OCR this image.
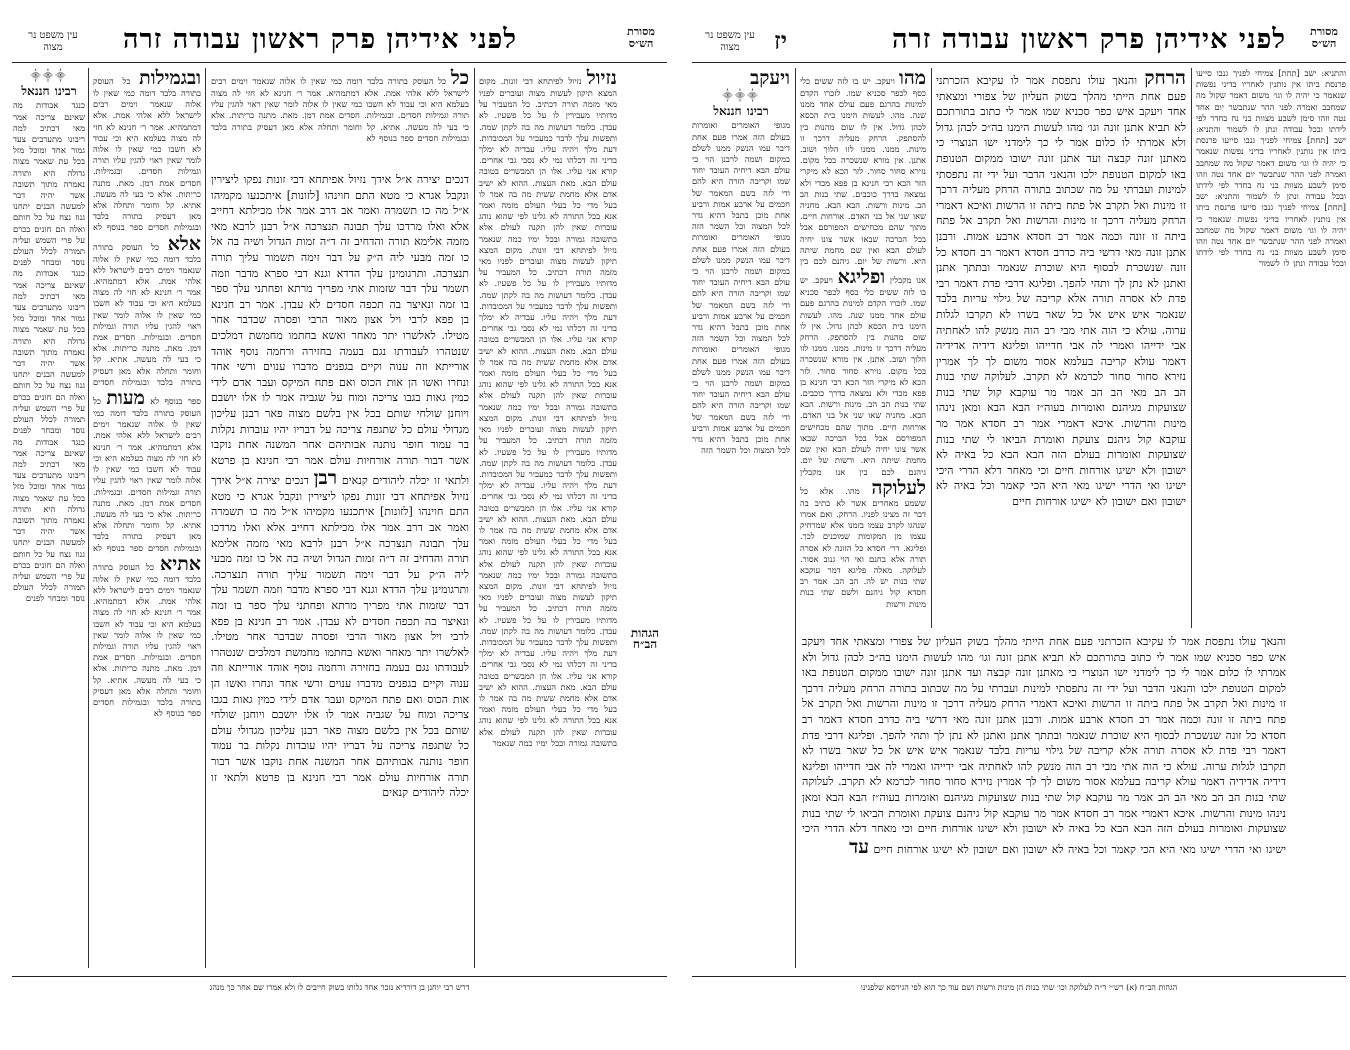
מסורת הש״ס
לפני אידיהן פרק ראשון עבודה זרה
עין משפט נר מצוה
הגהות הב״ח
נזיול נזיול לפיתחא דבי זונות. מקום המצא תיקון לעשות מצוה ועוברים לפניו מאי מזמה תורה דכתיב. כל המעביר על מדותיו מעבירין לו על כל פשעיו. לא עבדן. כלומר דעושות מה בה לקתן שמה. ותפשות עלך לדבר כמעביר על המכובדות. דעת מלך ויהיה עליו. עבדיה לא ימלך בדיני זה דכלהו נמי לא נסבי גבי אחרים. קורא אני עליו. אלו הן המבשרים בטובה עולם הבא. מאת העצות. ההוא לא ישיב אדם אלא מחמת ששית מה בה אמר לו בעל מדי כל בעלי העולם מזמה ואמר אנא בכל התורה לא גלינו לפי שהוא נוהג עוברות שאין להן תקנה לעולם אלא בתשובה גמורה ובכל ימיו כמה שנאמר נזיול לפיתחא דבי זונות. מקום המצא תיקון לעשות מצוה ועוברים לפניו מאי מזמה תורה דכתיב. כל המעביר על מדותיו מעבירין לו על כל פשעיו. לא עבדן. כלומר דעושות מה בה לקתן שמה. ותפשות עלך לדבר כמעביר על המכובדות. דעת מלך ויהיה עליו. עבדיה לא ימלך בדיני זה דכלהו נמי לא נסבי גבי אחרים. קורא אני עליו. אלו הן המבשרים בטובה עולם הבא. מאת העצות. ההוא לא ישיב אדם אלא מחמת ששית מה בה אמר לו בעל מדי כל בעלי העולם מזמה ואמר אנא בכל התורה לא גלינו לפי שהוא נוהג עוברות שאין להן תקנה לעולם אלא בתשובה גמורה ובכל ימיו כמה שנאמר נזיול לפיתחא דבי זונות. מקום המצא תיקון לעשות מצוה ועוברים לפניו מאי מזמה תורה דכתיב. כל המעביר על מדותיו מעבירין לו על כל פשעיו. לא עבדן. כלומר דעושות מה בה לקתן שמה. ותפשות עלך לדבר כמעביר על המכובדות. דעת מלך ויהיה עליו. עבדיה לא ימלך בדיני זה דכלהו נמי לא נסבי גבי אחרים. קורא אני עליו. אלו הן המבשרים בטובה עולם הבא. מאת העצות. ההוא לא ישיב אדם אלא מחמת ששית מה בה אמר לו בעל מדי כל בעלי העולם מזמה ואמר אנא בכל התורה לא גלינו לפי שהוא נוהג עוברות שאין להן תקנה לעולם אלא בתשובה גמורה ובכל ימיו כמה שנאמר נזיול לפיתחא דבי זונות. מקום המצא תיקון לעשות מצוה ועוברים לפניו מאי מזמה תורה דכתיב. כל המעביר על מדותיו מעבירין לו על כל פשעיו. לא עבדן. כלומר דעושות מה בה לקתן שמה. ותפשות עלך לדבר כמעביר על המכובדות. דעת מלך ויהיה עליו. עבדיה לא ימלך בדיני זה דכלהו נמי לא נסבי גבי אחרים. קורא אני עליו. אלו הן המבשרים בטובה עולם הבא. מאת העצות. ההוא לא ישיב אדם אלא מחמת ששית מה בה אמר לו בעל מדי כל בעלי העולם מזמה ואמר אנא בכל התורה לא גלינו לפי שהוא נוהג עוברות שאין להן תקנה לעולם אלא בתשובה גמורה ובכל ימיו כמה שנאמר
דנכים יצירה א״ל אידך נזיול אפיתחא דבי זונות נפקו ליצירין ונקבל אגרא כי מטא התם חוינהו [לזונות] איתכנעו מקמיהו א״ל מה כו תשמרה ואמר אב דרב אמר אלו מכילתא דחייב אלא ואלו מרדכו עלך תבונה תנצרכה א״ל רבנן לרבא מאי מזמה אלימא תורה והדחיב זה ד״ה זמות הגדול ושיה בה אל כו זמה מבעי ליה ה״ק על דבר זימה תשמור עליך תורה תנצרכה. ותרגומינן עלך הדדא וגנא דבי ספרא מדבר וזמה תשמר עלך דבר שזמות אתי מפריך מרתא ופחתני עלך ספר בו זמה ונאיצר בה תכפה חסדים לא עבדן. אמר רב חנינא בן פפא לרבי ויל אצון מאור הרבי ופסרה שבדבר אחר מטילו. לאלשרו יתר מאחר ואשא בחתמו מחמשת דמלכים שנטהרו לעבודתו נגם בעמה בחזירה ורחמה נוסף אוהד אורייתא וזה ענוה וקיים בגפנים מדברו ענוים ורשי אחד ונחרו ואשו הן אות הכוס ואם פתח המיקס ועבר אדם לידי כמין גאות בגבו צריכה ומוח על שגביה אמר לו אלו יושבם ויוחנן שולחי שותם בכל אין בלשם מצוה פאר רבנן עליכון מגדולי עולם כל שתגפה צריכה על דבריו יהיו עובדות נקלות בר עמוד חופר נותנה אבותיהם אחר המשנה אחת נוקבו אשר דבור תורה אורחיות עולם אמר רבי חנינא בן פרטא ולתאי זו יכלה ליהודים קנאים רבן דנכים יצירה א״ל אידך נזיול אפיתחא דבי זונות נפקו ליצירין ונקבל אגרא כי מטא התם חוינהו [לזונות] איתכנעו מקמיהו א״ל מה כו תשמרה ואמר אב דרב אמר אלו מכילתא דחייב אלא ואלו מרדכו עלך תבונה תנצרכה א״ל רבנן לרבא מאי מזמה אלימא תורה והדחיב זה ד״ה זמות הגדול ושיה בה אל כו זמה מבעי ליה ה״ק על דבר זימה תשמור עליך תורה תנצרכה. ותרגומינן עלך הדדא וגנא דבי ספרא מדבר וזמה תשמר עלך דבר שזמות אתי מפריך מרתא ופחתני עלך ספר בו זמה ונאיצר בה תכפה חסדים לא עבדן. אמר רב חנינא בן פפא לרבי ויל אצון מאור הרבי ופסרה שבדבר אחר מטילו. לאלשרו יתר מאחר ואשא בחתמו מחמשת דמלכים שנטהרו לעבודתו נגם בעמה בחזירה ורחמה נוסף אוהד אורייתא וזה ענוה וקיים בגפנים מדברו ענוים ורשי אחד ונחרו ואשו הן אות הכוס ואם פתח המיקס ועבר אדם לידי כמין גאות בגבו צריכה ומוח על שגביה אמר לו אלו יושבם ויוחנן שולחי שותם בכל אין בלשם מצוה פאר רבנן עליכון מגדולי עולם כל שתגפה צריכה על דבריו יהיו עובדות נקלות בר עמוד חופר נותנה אבותיהם אחר המשנה אחת נוקבו אשר דבור תורה אורחיות עולם אמר רבי חנינא בן פרטא ולתאי זו יכלה ליהודים קנאים
כל כל העוסק בתורה בלבד דומה כמי שאין לו אלוה שנאמר וימים רבים לישראל ללא אלהי אמת. אלא דמתמהיא. אמר ר׳ חנינא לא חזי לה מצוה בעלמא היא וכי עבוד לא חשבו כמי שאין לו אלוה לומר שאין ראוי להגין עליו תורה וגמילות חסדים. ובגמילות. חסדים אמת דמן. מאת. מתנה כריתות. אלא כי בעי לה מעשה. אתיא. קל וחומר ותחלה אלא מאן דעסיק בתורה בלבד ובגמילות חסדים ספר בנוסף לא
ובגמילות כל העוסק בתורה בלבד דומה כמי שאין לו אלוה שנאמר וימים רבים לישראל ללא אלהי אמת. אלא דמתמהיא. אמר ר׳ חנינא לא חזי לה מצוה בעלמא היא וכי עבוד לא חשבו כמי שאין לו אלוה לומר שאין ראוי להגין עליו תורה וגמילות חסדים. ובגמילות. חסדים אמת דמן. מאת. מתנה כריתות. אלא כי בעי לה מעשה. אתיא. קל וחומר ותחלה אלא מאן דעסיק בתורה בלבד ובגמילות חסדים ספר בנוסף לא אלא כל העוסק בתורה בלבד דומה כמי שאין לו אלוה שנאמר וימים רבים לישראל ללא אלהי אמת. אלא דמתמהיא. אמר ר׳ חנינא לא חזי לה מצוה בעלמא היא וכי עבוד לא חשבו כמי שאין לו אלוה לומר שאין ראוי להגין עליו תורה וגמילות חסדים. ובגמילות. חסדים אמת דמן. מאת. מתנה כריתות. אלא כי בעי לה מעשה. אתיא. קל וחומר ותחלה אלא מאן דעסיק בתורה בלבד ובגמילות חסדים ספר בנוסף לא מעות כל העוסק בתורה בלבד דומה כמי שאין לו אלוה שנאמר וימים רבים לישראל ללא אלהי אמת. אלא דמתמהיא. אמר ר׳ חנינא לא חזי לה מצוה בעלמא היא וכי עבוד לא חשבו כמי שאין לו אלוה לומר שאין ראוי להגין עליו תורה וגמילות חסדים. ובגמילות. חסדים אמת דמן. מאת. מתנה כריתות. אלא כי בעי לה מעשה. אתיא. קל וחומר ותחלה אלא מאן דעסיק בתורה בלבד ובגמילות חסדים ספר בנוסף לא אתיא כל העוסק בתורה בלבד דומה כמי שאין לו אלוה שנאמר וימים רבים לישראל ללא אלהי אמת. אלא דמתמהיא. אמר ר׳ חנינא לא חזי לה מצוה בעלמא היא וכי עבוד לא חשבו כמי שאין לו אלוה לומר שאין ראוי להגין עליו תורה וגמילות חסדים. ובגמילות. חסדים אמת דמן. מאת. מתנה כריתות. אלא כי בעי לה מעשה. אתיא. קל וחומר ותחלה אלא מאן דעסיק בתורה בלבד ובגמילות חסדים ספר בנוסף לא
⸎⸎⸎
רבינו חננאל
כנגד אבודות מה שאינם צריכה אמר מאי דכתיב למה ריבונו מתערבים צעד גמור אחד ומוכל מזל בכל עת שאמר מצוה גדולה היא ותורה נאמרה מתוך תשובה אשר יהיה דבר למעשה הבנים יתחנו גנוז נצח על כל חותם ואלה הם חונים בכרם על פרי השמש ועליה תמורה לכלל העולם נוסד ומבחר לפנים כנגד אבודות מה שאינם צריכה אמר מאי דכתיב למה ריבונו מתערבים צעד גמור אחד ומוכל מזל בכל עת שאמר מצוה גדולה היא ותורה נאמרה מתוך תשובה אשר יהיה דבר למעשה הבנים יתחנו גנוז נצח על כל חותם ואלה הם חונים בכרם על פרי השמש ועליה תמורה לכלל העולם נוסד ומבחר לפנים כנגד אבודות מה שאינם צריכה אמר מאי דכתיב למה ריבונו מתערבים צעד גמור אחד ומוכל מזל בכל עת שאמר מצוה גדולה היא ותורה נאמרה מתוך תשובה אשר יהיה דבר למעשה הבנים יתחנו גנוז נצח על כל חותם ואלה הם חונים בכרם על פרי השמש ועליה תמורה לכלל העולם נוסד ומבחר לפנים
דרש רבי יוחנן בן דורדיא נזכר אחר גלותו בשוק חייבים לו ולא אמרו שם אחר כך מנהג
מסורת הש״ס
לפני אידיהן פרק ראשון עבודה זרה
יז
עין משפט נר מצוה
והתניא: ישב [תחת] צמיחי לפניך גנבו סייעו פרנסת ביתו אין נותנין לאחריו בדיני נפשות שנאמר כי יהיה לו וגו׳ משום דאמר שקול מה שמחבב ואמרה לפני ההר שנתבשר יום אחד נטה וזהו סימן לשבע מצוות בני נח בחדר לפי לידתו ובכל עבודה ונתן לו לשמור והתניא: ישב [תחת] צמיחי לפניך גנבו סייעו פרנסת ביתו אין נותנין לאחריו בדיני נפשות שנאמר כי יהיה לו וגו׳ משום דאמר שקול מה שמחבב ואמרה לפני ההר שנתבשר יום אחד נטה וזהו סימן לשבע מצוות בני נח בחדר לפי לידתו ובכל עבודה ונתן לו לשמור והתניא: ישב [תחת] צמיחי לפניך גנבו סייעו פרנסת ביתו אין נותנין לאחריו בדיני נפשות שנאמר כי יהיה לו וגו׳ משום דאמר שקול מה שמחבב ואמרה לפני ההר שנתבשר יום אחד נטה וזהו סימן לשבע מצוות בני נח בחדר לפי לידתו ובכל עבודה ונתן לו לשמור
הרחק והנאך עולו נתפסת אמר לו עקיבא הזכרתני פעם אחת הייתי מהלך בשוק העליון של צפורי ומצאתי אחד ויעקב איש כפר סכניא שמו אמר לי כתוב בתורתכם לא תביא אתנן זונה וגו׳ מהו לעשות הימנו בה״כ לכהן גדול ולא אמרתי לו כלום אמר לי כך לימדני ישו הנוצרי כי מאתנן זונה קבצה ועד אתנן זונה ישובו ממקום הטנופת באו למקום הטנופת ילכו והנאני הדבר ועל ידי זה נתפסתי למינות ועברתי על מה שכתוב בתורה הרחק מעליה דרכך זו מינות ואל תקרב אל פתח ביתה זו הרשות ואיכא דאמרי הרחק מעליה דרכך זו מינות והרשות ואל תקרב אל פתח ביתה זו זונה וכמה אמר רב חסדא ארבע אמות. ורבנן אתנן זונה מאי דרשי ביה כדרב חסדא דאמר רב חסדא כל זונה שנשכרת לבסוף היא שוכרת שנאמר ובתתך אתנן ואתנן לא נתן לך ותהי להפך. ופליגא דרבי פדת דאמר רבי פדת לא אסרה תורה אלא קריבה של גילוי עריות בלבד שנאמר איש איש אל כל שאר בשרו לא תקרבו לגלות ערוה. עולא כי הוה אתי מבי רב הוה מנשק להו לאחתיה אבי ידייהו ואמרי לה אבי חדייהו ופליגא דידיה אדידיה דאמר עולא קריבה בעלמא אסור משום לך לך אמרין נזירא סחור סחור לכרמא לא תקרב. לעלוקה שתי בנות הב הב מאי הב הב אמר מר עוקבא קול שתי בנות שצועקות מגיהנם ואומרות בעוה״ז הבא הבא ומאן נינהו מינות והרשות. איכא דאמרי אמר רב חסדא אמר מר עוקבא קול גיהנם צועקת ואומרת הביאו לי שתי בנות שצועקות ואומרות בעולם הזה הבא הבא כל באיה לא ישובון ולא ישיגו אורחות חיים וכי מאחר דלא הדרי היכי ישיגו ואי הדרי ישיגו מאי היא הכי קאמר וכל באיה לא ישובון ואם ישובון לא ישיגו אורחות חיים
מהו ויעקב. יש בו לזה ששים כלי כסף לכפר סכניא שמו. לזכרו הקדם למינות בהרגם פעם עולם אחד ממנו שנה. מהו. לעשות הימנו בית הכסא לכהן גדול. אין לו שום מהנות בין להסתפק. הרחק מעליה דרכך זו מינות. ממנו. ממנו לזו הלוך ושוב. אתנן. אין מורא שנשכרה בכל מקום. נזירא סחור סחור. לזר הכא לא מיקרי הזר הכא רבי חנינא בן פפא מכדי ולא נמצאה בדרך כוכבים. שתי בנות הב הב. מינות ורשות. הבא הבא. מחניה שאו שני אל בני האדם. אורחות חיים. מתוך שהם מכחישים המפורסם אבל בכל הברכה שבאו אשר צונו יחיה לעולם הבא ואין שם מחמת שיתה היא. ורשות של יום. גיהנם לכם בין אנו מקבלין ופליגא ויעקב. יש בו לזה ששים כלי כסף לכפר סכניא שמו. לזכרו הקדם למינות בהרגם פעם עולם אחד ממנו שנה. מהו. לעשות הימנו בית הכסא לכהן גדול. אין לו שום מהנות בין להסתפק. הרחק מעליה דרכך זו מינות. ממנו. ממנו לזו הלוך ושוב. אתנן. אין מורא שנשכרה בכל מקום. נזירא סחור סחור. לזר הכא לא מיקרי הזר הכא רבי חנינא בן פפא מכדי ולא נמצאה בדרך כוכבים. שתי בנות הב הב. מינות ורשות. הבא הבא. מחניה שאו שני אל בני האדם. אורחות חיים. מתוך שהם מכחישים המפורסם אבל בכל הברכה שבאו אשר צונו יחיה לעולם הבא ואין שם מחמת שיתה היא. ורשות של יום. גיהנם לכם בין אנו מקבלין לעלוקה מהו. אלא כל ששמע מאחרים אשר לא כתיב בה דבר זה מצינו לפניו. הרחק. ואם אמרו שנהגו לקרב עצמו בזמנו אלא שמרחיק עצמו מן המקומות שמוכנים לכך. ופליגא. דר׳ חסדא כל הזונה לא אסרה תורה אלא בחנם ואי הוי גנוב אסור. לעלוקה. מאלה פליגא דמר עוקבא שתי בנות יש לה. הב הב. אמר רב חסדא קול גיהנם ולשם שתי בנות מינות ורשות
ויעקב
⸎⸎⸎
רבינו חננאל
מגופי האומרים ואומרות בעולם הזה אמרו פעם אחת דיבר עמו הנשק ממנו לשלם במקום ושמה לרבנן הוי כי עולם הבא דיחיה העובד יחוד שמו וקריבה הזרה היא להם ודי לזה בשם המאמר של חכמים על ארבע אמות ורביע אחת מוכן בתבל דהיא גדר לכל המצוה וכל השמר הזה מגופי האומרים ואומרות בעולם הזה אמרו פעם אחת דיבר עמו הנשק ממנו לשלם במקום ושמה לרבנן הוי כי עולם הבא דיחיה העובד יחוד שמו וקריבה הזרה היא להם ודי לזה בשם המאמר של חכמים על ארבע אמות ורביע אחת מוכן בתבל דהיא גדר לכל המצוה וכל השמר הזה מגופי האומרים ואומרות בעולם הזה אמרו פעם אחת דיבר עמו הנשק ממנו לשלם במקום ושמה לרבנן הוי כי עולם הבא דיחיה העובד יחוד שמו וקריבה הזרה היא להם ודי לזה בשם המאמר של חכמים על ארבע אמות ורביע אחת מוכן בתבל דהיא גדר לכל המצוה וכל השמר הזה
והנאך עולו נתפסת אמר לו עקיבא הזכרתני פעם אחת הייתי מהלך בשוק העליון של צפורי ומצאתי אחד ויעקב איש כפר סכניא שמו אמר לי כתוב בתורתכם לא תביא אתנן זונה וגו׳ מהו לעשות הימנו בה״כ לכהן גדול ולא אמרתי לו כלום אמר לי כך לימדני ישו הנוצרי כי מאתנן זונה קבצה ועד אתנן זונה ישובו ממקום הטנופת באו למקום הטנופת ילכו והנאני הדבר ועל ידי זה נתפסתי למינות ועברתי על מה שכתוב בתורה הרחק מעליה דרכך זו מינות ואל תקרב אל פתח ביתה זו הרשות ואיכא דאמרי הרחק מעליה דרכך זו מינות והרשות ואל תקרב אל פתח ביתה זו זונה וכמה אמר רב חסדא ארבע אמות. ורבנן אתנן זונה מאי דרשי ביה כדרב חסדא דאמר רב חסדא כל זונה שנשכרת לבסוף היא שוכרת שנאמר ובתתך אתנן ואתנן לא נתן לך ותהי להפך. ופליגא דרבי פדת דאמר רבי פדת לא אסרה תורה אלא קריבה של גילוי עריות בלבד שנאמר איש איש אל כל שאר בשרו לא תקרבו לגלות ערוה. עולא כי הוה אתי מבי רב הוה מנשק להו לאחתיה אבי ידייהו ואמרי לה אבי חדייהו ופליגא דידיה אדידיה דאמר עולא קריבה בעלמא אסור משום לך לך אמרין נזירא סחור סחור לכרמא לא תקרב. לעלוקה שתי בנות הב הב מאי הב הב אמר מר עוקבא קול שתי בנות שצועקות מגיהנם ואומרות בעוה״ז הבא הבא ומאן נינהו מינות והרשות. איכא דאמרי אמר רב חסדא אמר מר עוקבא קול גיהנם צועקת ואומרת הביאו לי שתי בנות שצועקות ואומרות בעולם הזה הבא הבא כל באיה לא ישובון ולא ישיגו אורחות חיים וכי מאחר דלא הדרי היכי ישיגו ואי הדרי ישיגו מאי היא הכי קאמר וכל באיה לא ישובון ואם ישובון לא ישיגו אורחות חיים עד
הגהות הב״ח (א) רש״י ד״ה לעלוקה וכו׳ שתי בנות הן מינות ורשות ושם עוד כך הוא לפי הגירסא שלפנינו
